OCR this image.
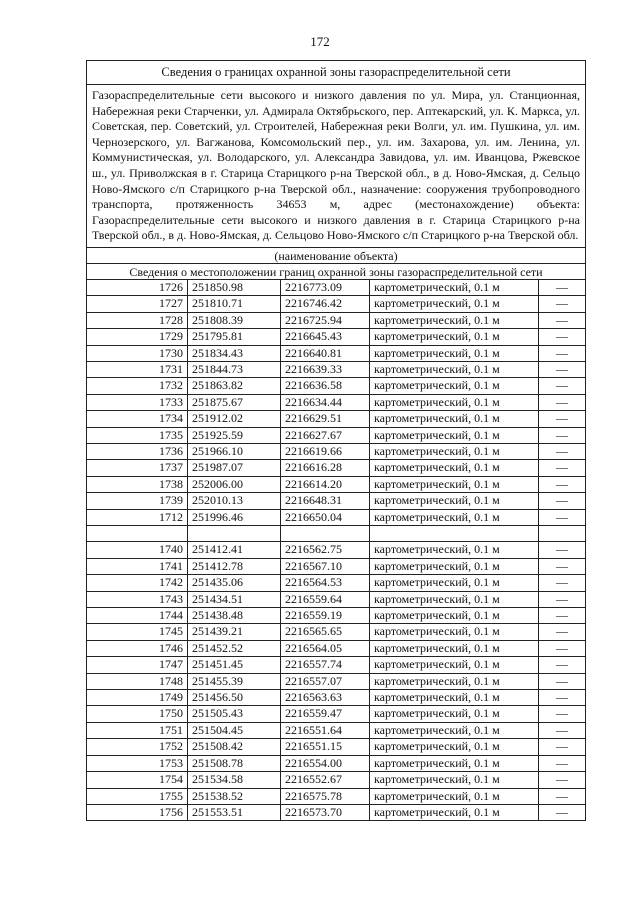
172
Сведения о границах охранной зоны газораспределительной сети
Газораспределительные сети высокого и низкого давления по ул. Мира, ул. Станционная, Набережная реки Старченки, ул. Адмирала Октябрьского, пер. Аптекарский, ул. К. Маркса, ул. Советская, пер. Советский, ул. Строителей, Набережная реки Волги, ул. им. Пушкина, ул. им. Чернозерского, ул. Вагжанова, Комсомольский пер., ул. им. Захарова, ул. им. Ленина, ул. Коммунистическая, ул. Володарского, ул. Александра Завидова, ул. им. Иванцова, Ржевское ш., ул. Приволжская в г. Старица Старицкого р-на Тверской обл., в д. Ново-Ямская, д. Сельцо Ново-Ямского с/п Старицкого р-на Тверской обл., назначение: сооружения трубопроводного транспорта, протяженность 34653 м, адрес (местонахождение) объекта: Газораспределительные сети высокого и низкого давления в г. Старица Старицкого р-на Тверской обл., в д. Ново-Ямская, д. Сельцово Ново-Ямского с/п Старицкого р-на Тверской обл.
(наименование объекта)
Сведения о местоположении границ охранной зоны газораспределительной сети
1726	251850.98	2216773.09	картометрический, 0.1 м	—
1727	251810.71	2216746.42	картометрический, 0.1 м	—
1728	251808.39	2216725.94	картометрический, 0.1 м	—
1729	251795.81	2216645.43	картометрический, 0.1 м	—
1730	251834.43	2216640.81	картометрический, 0.1 м	—
1731	251844.73	2216639.33	картометрический, 0.1 м	—
1732	251863.82	2216636.58	картометрический, 0.1 м	—
1733	251875.67	2216634.44	картометрический, 0.1 м	—
1734	251912.02	2216629.51	картометрический, 0.1 м	—
1735	251925.59	2216627.67	картометрический, 0.1 м	—
1736	251966.10	2216619.66	картометрический, 0.1 м	—
1737	251987.07	2216616.28	картометрический, 0.1 м	—
1738	252006.00	2216614.20	картометрический, 0.1 м	—
1739	252010.13	2216648.31	картометрический, 0.1 м	—
1712	251996.46	2216650.04	картометрический, 0.1 м	—

1740	251412.41	2216562.75	картометрический, 0.1 м	—
1741	251412.78	2216567.10	картометрический, 0.1 м	—
1742	251435.06	2216564.53	картометрический, 0.1 м	—
1743	251434.51	2216559.64	картометрический, 0.1 м	—
1744	251438.48	2216559.19	картометрический, 0.1 м	—
1745	251439.21	2216565.65	картометрический, 0.1 м	—
1746	251452.52	2216564.05	картометрический, 0.1 м	—
1747	251451.45	2216557.74	картометрический, 0.1 м	—
1748	251455.39	2216557.07	картометрический, 0.1 м	—
1749	251456.50	2216563.63	картометрический, 0.1 м	—
1750	251505.43	2216559.47	картометрический, 0.1 м	—
1751	251504.45	2216551.64	картометрический, 0.1 м	—
1752	251508.42	2216551.15	картометрический, 0.1 м	—
1753	251508.78	2216554.00	картометрический, 0.1 м	—
1754	251534.58	2216552.67	картометрический, 0.1 м	—
1755	251538.52	2216575.78	картометрический, 0.1 м	—
1756	251553.51	2216573.70	картометрический, 0.1 м	—
